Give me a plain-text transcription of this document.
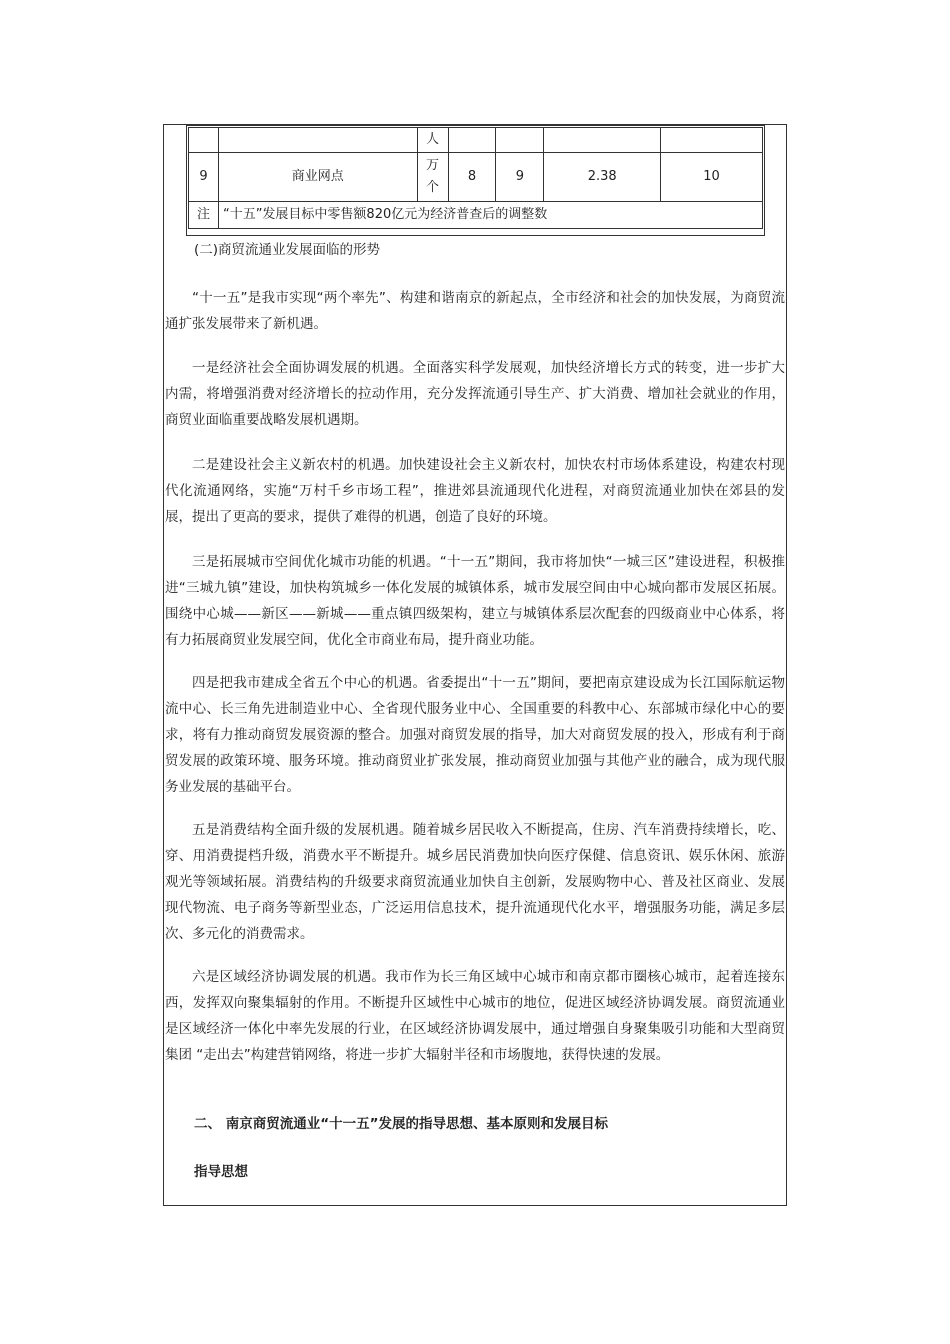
		人				
9	商业网点	万个	8	9	2.38	10
注	“十五”发展目标中零售额820亿元为经济普查后的调整数					
(二)商贸流通业发展面临的形势

“十一五”是我市实现“两个率先”、构建和谐南京的新起点，全市经济和社会的加快发展，为商贸流通扩张发展带来了新机遇。

一是经济社会全面协调发展的机遇。全面落实科学发展观，加快经济增长方式的转变，进一步扩大内需，将增强消费对经济增长的拉动作用，充分发挥流通引导生产、扩大消费、增加社会就业的作用，商贸业面临重要战略发展机遇期。

二是建设社会主义新农村的机遇。加快建设社会主义新农村，加快农村市场体系建设，构建农村现代化流通网络，实施“万村千乡市场工程”，推进郊县流通现代化进程，对商贸流通业加快在郊县的发展，提出了更高的要求，提供了难得的机遇，创造了良好的环境。

三是拓展城市空间优化城市功能的机遇。“十一五”期间，我市将加快“一城三区”建设进程，积极推进“三城九镇”建设，加快构筑城乡一体化发展的城镇体系，城市发展空间由中心城向都市发展区拓展。围绕中心城——新区——新城——重点镇四级架构，建立与城镇体系层次配套的四级商业中心体系，将有力拓展商贸业发展空间，优化全市商业布局，提升商业功能。

四是把我市建成全省五个中心的机遇。省委提出“十一五”期间，要把南京建设成为长江国际航运物流中心、长三角先进制造业中心、全省现代服务业中心、全国重要的科教中心、东部城市绿化中心的要求，将有力推动商贸发展资源的整合。加强对商贸发展的指导，加大对商贸发展的投入，形成有利于商贸发展的政策环境、服务环境。推动商贸业扩张发展，推动商贸业加强与其他产业的融合，成为现代服务业发展的基础平台。

五是消费结构全面升级的发展机遇。随着城乡居民收入不断提高，住房、汽车消费持续增长，吃、穿、用消费提档升级，消费水平不断提升。城乡居民消费加快向医疗保健、信息资讯、娱乐休闲、旅游观光等领域拓展。消费结构的升级要求商贸流通业加快自主创新，发展购物中心、普及社区商业、发展现代物流、电子商务等新型业态，广泛运用信息技术，提升流通现代化水平，增强服务功能，满足多层次、多元化的消费需求。

六是区域经济协调发展的机遇。我市作为长三角区域中心城市和南京都市圈核心城市，起着连接东西，发挥双向聚集辐射的作用。不断提升区域性中心城市的地位，促进区域经济协调发展。商贸流通业是区域经济一体化中率先发展的行业，在区域经济协调发展中，通过增强自身聚集吸引功能和大型商贸集团 “走出去”构建营销网络，将进一步扩大辐射半径和市场腹地，获得快速的发展。

二、 南京商贸流通业“十一五”发展的指导思想、基本原则和发展目标
指导思想
